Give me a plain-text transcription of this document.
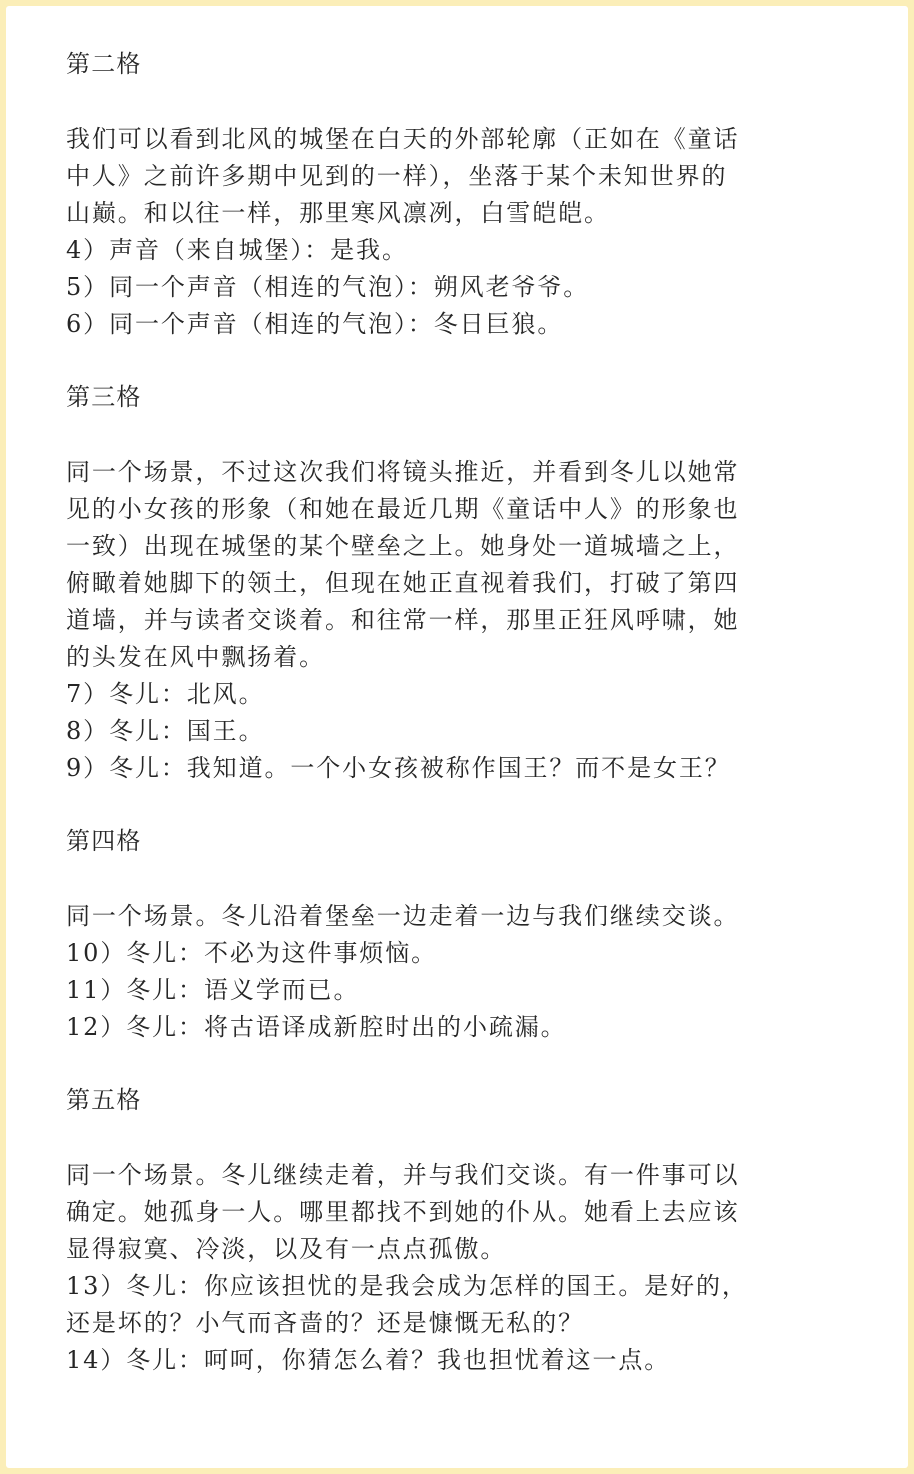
第二格
我们可以看到北风的城堡在白天的外部轮廓（正如在《童话
中人》之前许多期中见到的一样），坐落于某个未知世界的
山巅。和以往一样，那里寒风凛冽，白雪皑皑。
4）声音（来自城堡）：是我。
5）同一个声音（相连的气泡）：朔风老爷爷。
6）同一个声音（相连的气泡）：冬日巨狼。
第三格
同一个场景，不过这次我们将镜头推近，并看到冬儿以她常
见的小女孩的形象（和她在最近几期《童话中人》的形象也
一致）出现在城堡的某个壁垒之上。她身处一道城墙之上，
俯瞰着她脚下的领土，但现在她正直视着我们，打破了第四
道墙，并与读者交谈着。和往常一样，那里正狂风呼啸，她
的头发在风中飘扬着。
7）冬儿：北风。
8）冬儿：国王。
9）冬儿：我知道。一个小女孩被称作国王？而不是女王？
第四格
同一个场景。冬儿沿着堡垒一边走着一边与我们继续交谈。
10）冬儿：不必为这件事烦恼。
11）冬儿：语义学而已。
12）冬儿：将古语译成新腔时出的小疏漏。
第五格
同一个场景。冬儿继续走着，并与我们交谈。有一件事可以
确定。她孤身一人。哪里都找不到她的仆从。她看上去应该
显得寂寞、冷淡，以及有一点点孤傲。
13）冬儿：你应该担忧的是我会成为怎样的国王。是好的，
还是坏的？小气而吝啬的？还是慷慨无私的？
14）冬儿：呵呵，你猜怎么着？我也担忧着这一点。
